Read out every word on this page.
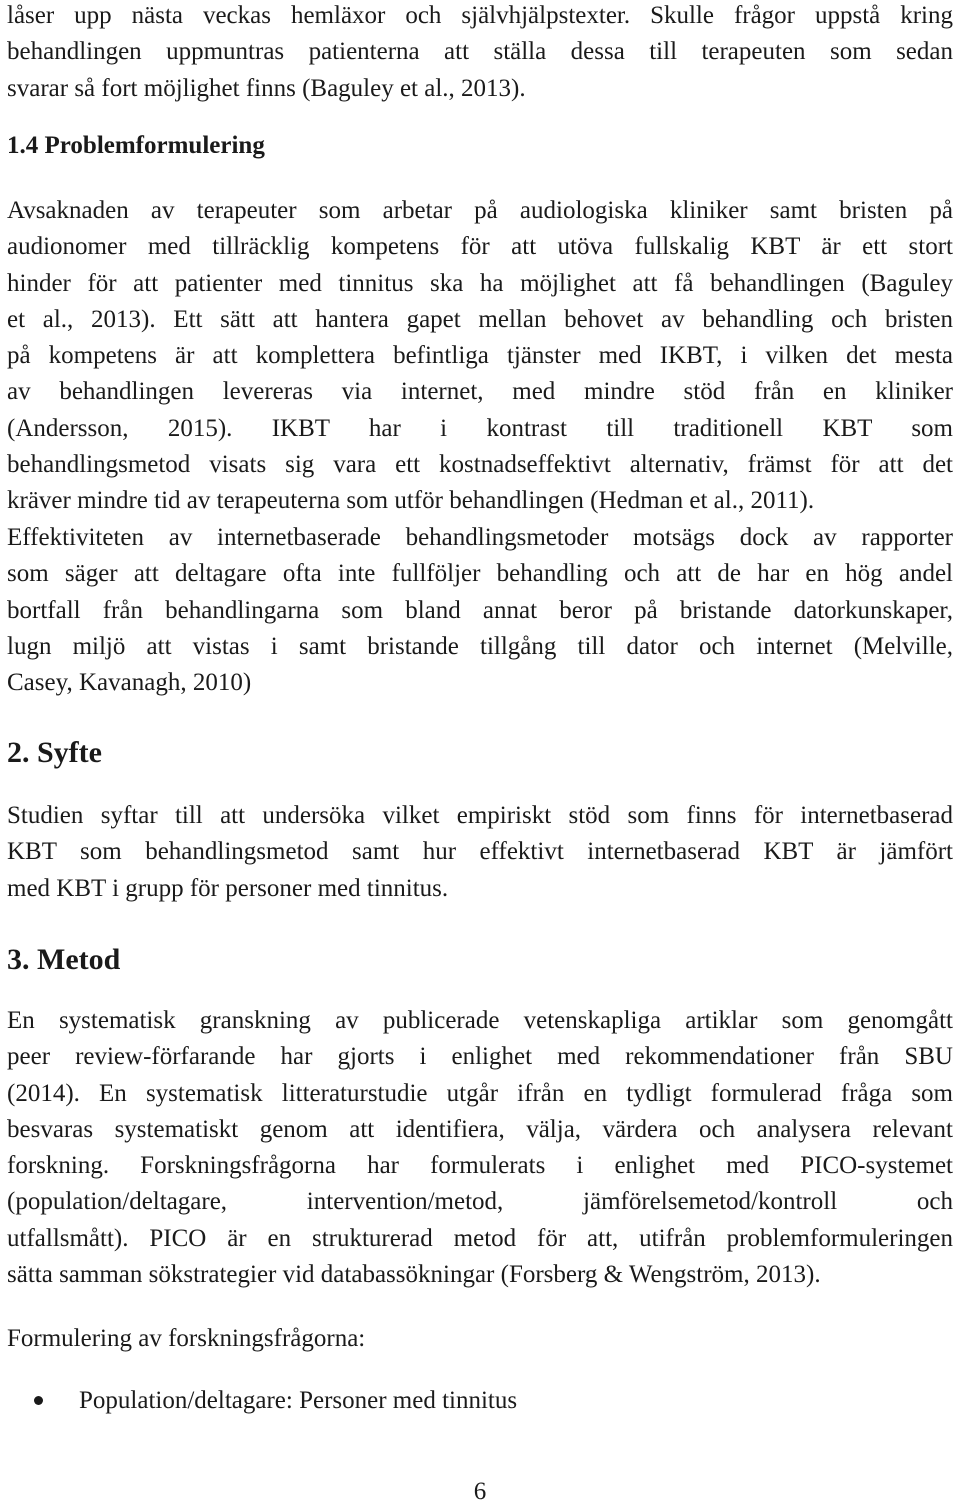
låser upp nästa veckas hemläxor och självhjälpstexter. Skulle frågor uppstå kring
behandlingen uppmuntras patienterna att ställa dessa till terapeuten som sedan
svarar så fort möjlighet finns (Baguley et al., 2013).

1.4 Problemformulering

Avsaknaden av terapeuter som arbetar på audiologiska kliniker samt bristen på
audionomer med tillräcklig kompetens för att utöva fullskalig KBT är ett stort
hinder för att patienter med tinnitus ska ha möjlighet att få behandlingen (Baguley
et al., 2013). Ett sätt att hantera gapet mellan behovet av behandling och bristen
på kompetens är att komplettera befintliga tjänster med IKBT, i vilken det mesta
av behandlingen levereras via internet, med mindre stöd från en kliniker
(Andersson, 2015). IKBT har i kontrast till traditionell KBT som
behandlingsmetod visats sig vara ett kostnadseffektivt alternativ, främst för att det
kräver mindre tid av terapeuterna som utför behandlingen (Hedman et al., 2011).

Effektiviteten av internetbaserade behandlingsmetoder motsägs dock av rapporter
som säger att deltagare ofta inte fullföljer behandling och att de har en hög andel
bortfall från behandlingarna som bland annat beror på bristande datorkunskaper,
lugn miljö att vistas i samt bristande tillgång till dator och internet (Melville,
Casey, Kavanagh, 2010)

2. Syfte

Studien syftar till att undersöka vilket empiriskt stöd som finns för internetbaserad
KBT som behandlingsmetod samt hur effektivt internetbaserad KBT är jämfört
med KBT i grupp för personer med tinnitus.

3. Metod

En systematisk granskning av publicerade vetenskapliga artiklar som genomgått
peer review-förfarande har gjorts i enlighet med rekommendationer från SBU
(2014). En systematisk litteraturstudie utgår ifrån en tydligt formulerad fråga som
besvaras systematiskt genom att identifiera, välja, värdera och analysera relevant
forskning. Forskningsfrågorna har formulerats i enlighet med PICO-systemet
(population/deltagare, intervention/metod, jämförelsemetod/kontroll och
utfallsmått). PICO är en strukturerad metod för att, utifrån problemformuleringen
sätta samman sökstrategier vid databassökningar (Forsberg & Wengström, 2013).

Formulering av forskningsfrågorna:

Population/deltagare: Personer med tinnitus
6
